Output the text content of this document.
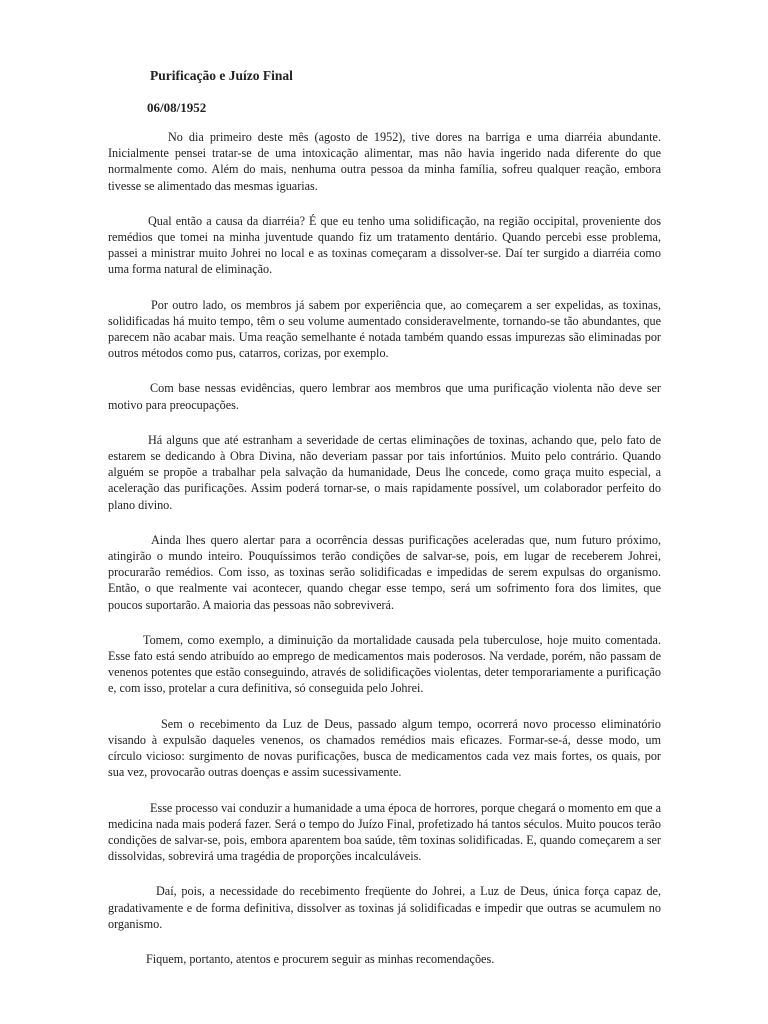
Purificação e Juízo Final
06/08/1952

No dia primeiro deste mês (agosto de 1952), tive dores na barriga e uma diarréia abundante. Inicialmente pensei tratar-se de uma intoxicação alimentar, mas não havia ingerido nada diferente do que normalmente como. Além do mais, nenhuma outra pessoa da minha família, sofreu qualquer reação, embora tivesse se alimentado das mesmas iguarias.

Qual então a causa da diarréia? É que eu tenho uma solidificação, na região occipital, proveniente dos remédios que tomei na minha juventude quando fiz um tratamento dentário. Quando percebi esse problema, passei a ministrar muito Johrei no local e as toxinas começaram a dissolver-se. Daí ter surgido a diarréia como uma forma natural de eliminação.

Por outro lado, os membros já sabem por experiência que, ao começarem a ser expelidas, as toxinas, solidificadas há muito tempo, têm o seu volume aumentado consideravelmente, tornando-se tão abundantes, que parecem não acabar mais. Uma reação semelhante é notada também quando essas impurezas são eliminadas por outros métodos como pus, catarros, corizas, por exemplo.

Com base nessas evidências, quero lembrar aos membros que uma purificação violenta não deve ser motivo para preocupações.

Há alguns que até estranham a severidade de certas eliminações de toxinas, achando que, pelo fato de estarem se dedicando à Obra Divina, não deveriam passar por tais infortúnios. Muito pelo contrário. Quando alguém se propõe a trabalhar pela salvação da humanidade, Deus lhe concede, como graça muito especial, a aceleração das purificações. Assim poderá tornar-se, o mais rapidamente possível, um colaborador perfeito do plano divino.

Ainda lhes quero alertar para a ocorrência dessas purificações aceleradas que, num futuro próximo, atingirão o mundo inteiro. Pouquíssimos terão condições de salvar-se, pois, em lugar de receberem Johrei, procurarão remédios. Com isso, as toxinas serão solidificadas e impedidas de serem expulsas do organismo. Então, o que realmente vai acontecer, quando chegar esse tempo, será um sofrimento fora dos limites, que poucos suportarão. A maioria das pessoas não sobreviverá.

Tomem, como exemplo, a diminuição da mortalidade causada pela tuberculose, hoje muito comentada. Esse fato está sendo atribuído ao emprego de medicamentos mais poderosos. Na verdade, porém, não passam de venenos potentes que estão conseguindo, através de solidificações violentas, deter temporariamente a purificação e, com isso, protelar a cura definitiva, só conseguida pelo Johrei.

Sem o recebimento da Luz de Deus, passado algum tempo, ocorrerá novo processo eliminatório visando à expulsão daqueles venenos, os chamados remédios mais eficazes. Formar-se-á, desse modo, um círculo vicioso: surgimento de novas purificações, busca de medicamentos cada vez mais fortes, os quais, por sua vez, provocarão outras doenças e assim sucessivamente.

Esse processo vai conduzir a humanidade a uma época de horrores, porque chegará o momento em que a medicina nada mais poderá fazer. Será o tempo do Juízo Final, profetizado há tantos séculos. Muito poucos terão condições de salvar-se, pois, embora aparentem boa saúde, têm toxinas solidificadas. E, quando começarem a ser dissolvidas, sobrevirá uma tragédia de proporções incalculáveis.

Daí, pois, a necessidade do recebimento freqüente do Johrei, a Luz de Deus, única força capaz de, gradativamente e de forma definitiva, dissolver as toxinas já solidificadas e impedir que outras se acumulem no organismo.

Fiquem, portanto, atentos e procurem seguir as minhas recomendações.
